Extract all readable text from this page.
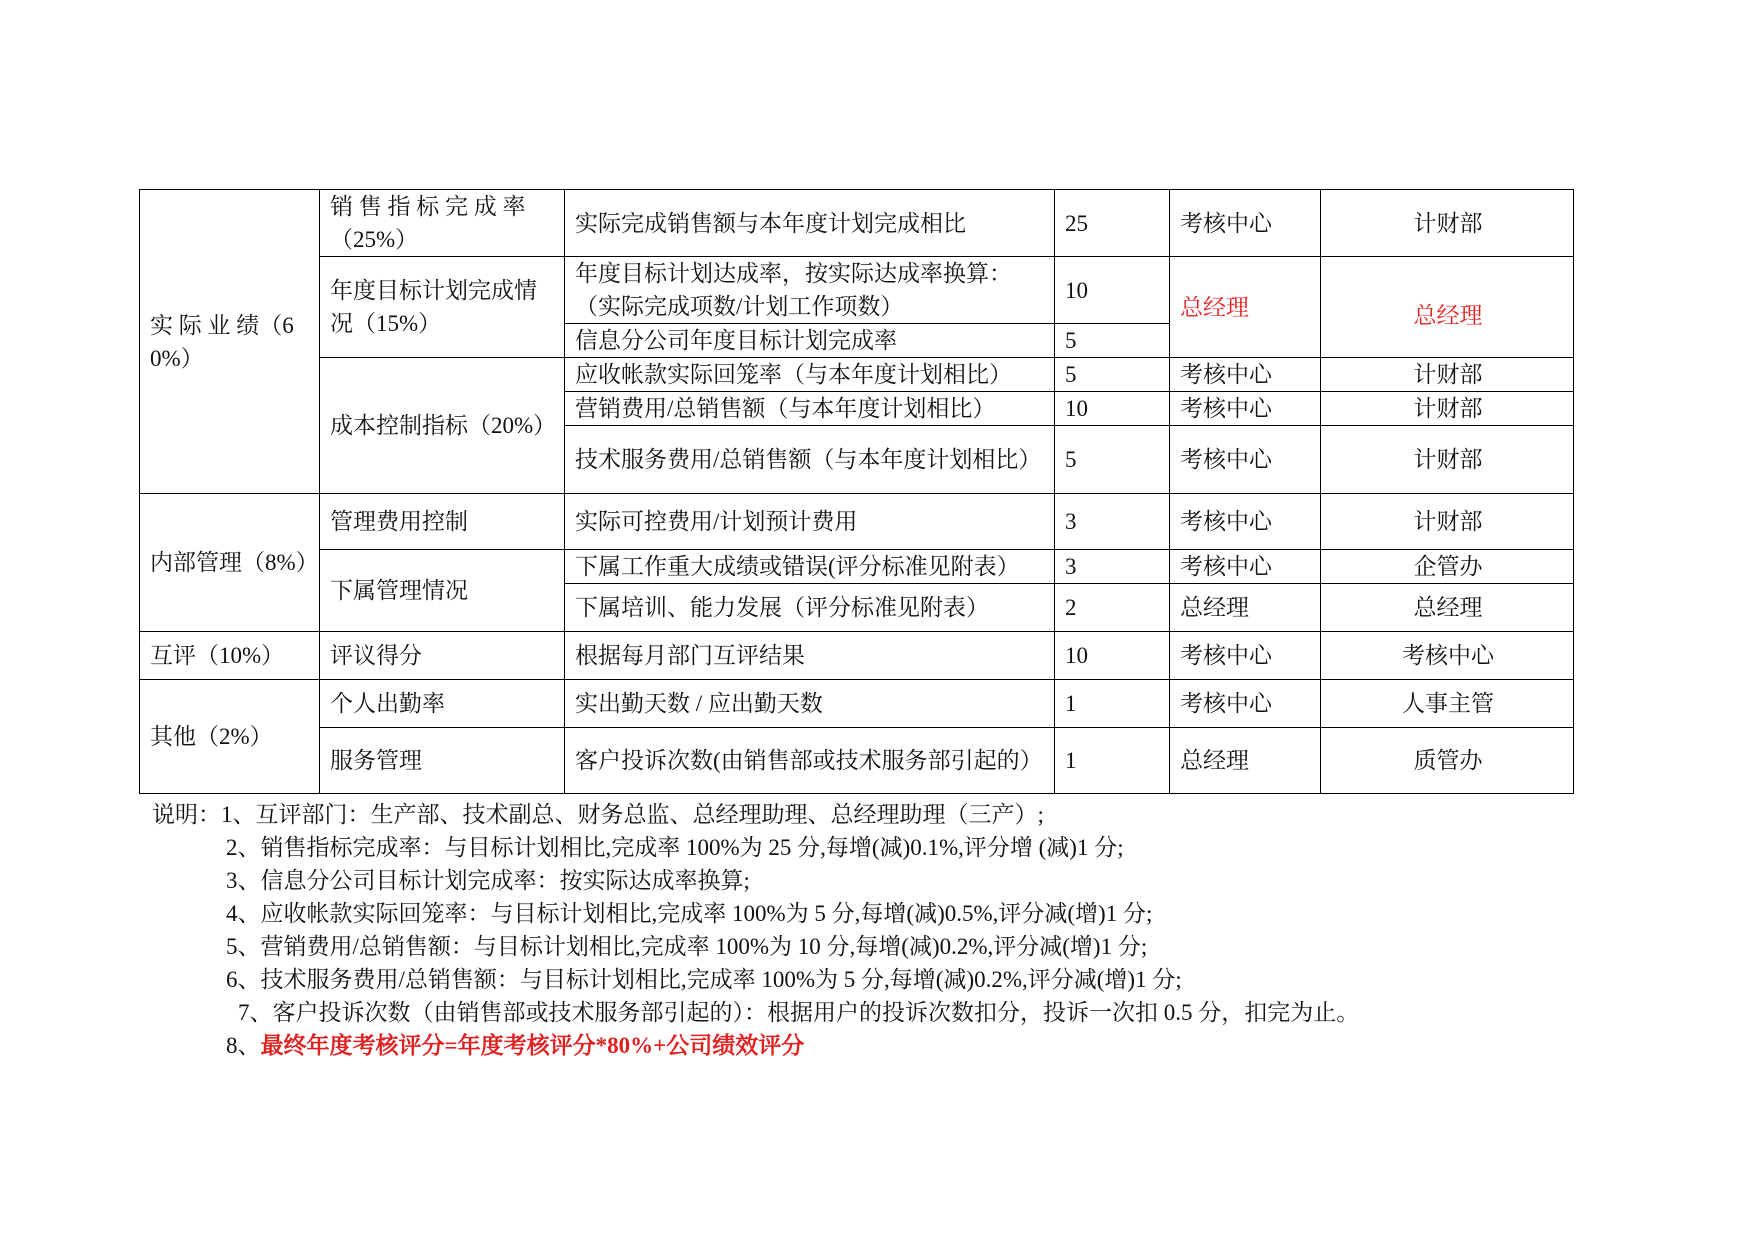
实 际 业 绩（60%）	销 售 指 标 完 成 率（25%）	实际完成销售额与本年度计划完成相比	25	考核中心	计财部
	年度目标计划完成情况（15%）	年度目标计划达成率，按实际达成率换算：（实际完成项数/计划工作项数）	10	总经理	总经理
		信息分公司年度目标计划完成率	5		
	成本控制指标（20%）	应收帐款实际回笼率（与本年度计划相比）	5	考核中心	计财部
		营销费用/总销售额（与本年度计划相比）	10	考核中心	计财部
		技术服务费用/总销售额（与本年度计划相比）	5	考核中心	计财部
内部管理（8%）	管理费用控制	实际可控费用/计划预计费用	3	考核中心	计财部
	下属管理情况	下属工作重大成绩或错误(评分标准见附表）	3	考核中心	企管办
		下属培训、能力发展（评分标准见附表）	2	总经理	总经理
互评（10%）	评议得分	根据每月部门互评结果	10	考核中心	考核中心
其他（2%）	个人出勤率	实出勤天数 / 应出勤天数	1	考核中心	人事主管
	服务管理	客户投诉次数(由销售部或技术服务部引起的）	1	总经理	质管办
说明：1、互评部门：生产部、技术副总、财务总监、总经理助理、总经理助理（三产）;
2、销售指标完成率：与目标计划相比,完成率 100%为 25 分,每增(减)0.1%,评分增 (减)1 分;
3、信息分公司目标计划完成率：按实际达成率换算;
4、应收帐款实际回笼率：与目标计划相比,完成率 100%为 5 分,每增(减)0.5%,评分减(增)1 分;
5、营销费用/总销售额：与目标计划相比,完成率 100%为 10 分,每增(减)0.2%,评分减(增)1 分;
6、技术服务费用/总销售额：与目标计划相比,完成率 100%为 5 分,每增(减)0.2%,评分减(增)1 分;
7、客户投诉次数（由销售部或技术服务部引起的）：根据用户的投诉次数扣分，投诉一次扣 0.5 分，扣完为止。
8、最终年度考核评分=年度考核评分*80%+公司绩效评分
